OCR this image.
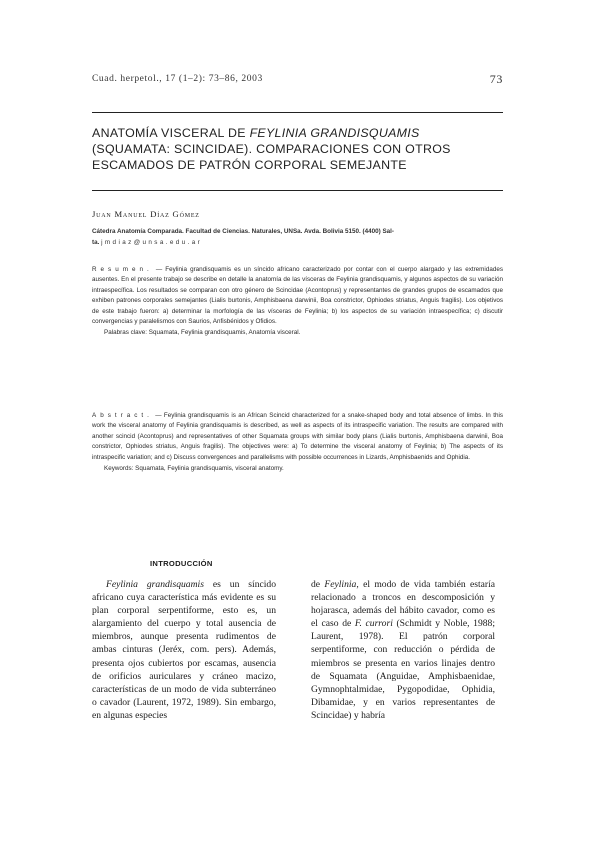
Cuad. herpetol., 17 (1–2): 73–86, 2003	73
ANATOMÍA VISCERAL DE FEYLINIA GRANDISQUAMIS
(SQUAMATA: SCINCIDAE). COMPARACIONES CON OTROS
ESCAMADOS DE PATRÓN CORPORAL SEMEJANTE
Juan Manuel Díaz Gómez
Cátedra Anatomía Comparada. Facultad de Ciencias. Naturales, UNSa. Avda. Bolivia 5150. (4400) Sal-
ta. jmdiaz@unsa.edu.ar
Resumen. — Feylinia grandisquamis es un síncido africano caracterizado por contar con el cuerpo alargado y las extremidades ausentes. En el presente trabajo se describe en detalle la anatomía de las vísceras de Feylinia grandisquamis, y algunos aspectos de su variación intraespecífica. Los resultados se comparan con otro género de Scincidae (Acontoprus) y representantes de grandes grupos de escamados que exhiben patrones corporales semejantes (Lialis burtonis, Amphisbaena darwinii, Boa constrictor, Ophiodes striatus, Anguis fragilis). Los objetivos de este trabajo fueron: a) determinar la morfología de las vísceras de Feylinia; b) los aspectos de su variación intraespecífica; c) discutir convergencias y paralelismos con Saurios, Anfisbénidos y Ofidios.
Palabras clave: Squamata, Feylinia grandisquamis, Anatomía visceral.
Abstract. — Feylinia grandisquamis is an African Scincid characterized for a snake-shaped body and total absence of limbs. In this work the visceral anatomy of Feylinia grandisquamis is described, as well as aspects of its intraspecific variation. The results are compared with another scincid (Acontoprus) and representatives of other Squamata groups with similar body plans (Lialis burtonis, Amphisbaena darwinii, Boa constrictor, Ophiodes striatus, Anguis fragilis). The objectives were: a) To determine the visceral anatomy of Feylinia; b) The aspects of its intraspecific variation; and c) Discuss convergences and parallelisms with possible occurrences in Lizards, Amphisbaenids and Ophidia.
Keywords: Squamata, Feylinia grandisquamis, visceral anatomy.
INTRODUCCIÓN
Feylinia grandisquamis es un síncido africano cuya característica más evidente es su plan corporal serpentiforme, esto es, un alargamiento del cuerpo y total ausencia de miembros, aunque presenta rudimentos de ambas cinturas (Jeréx, com. pers). Además, presenta ojos cubiertos por escamas, ausencia de orificios auriculares y cráneo macizo, características de un modo de vida subterráneo o cavador (Laurent, 1972, 1989). Sin embargo, en algunas especies
de Feylinia, el modo de vida también estaría relacionado a troncos en descomposición y hojarasca, además del hábito cavador, como es el caso de F. currori (Schmidt y Noble, 1988; Laurent, 1978). El patrón corporal serpentiforme, con reducción o pérdida de miembros se presenta en varios linajes dentro de Squamata (Anguidae, Amphisbaenidae, Gymnophtalmidae, Pygopodidae, Ophidia, Dibamidae, y en varios representantes de Scincidae) y habría
